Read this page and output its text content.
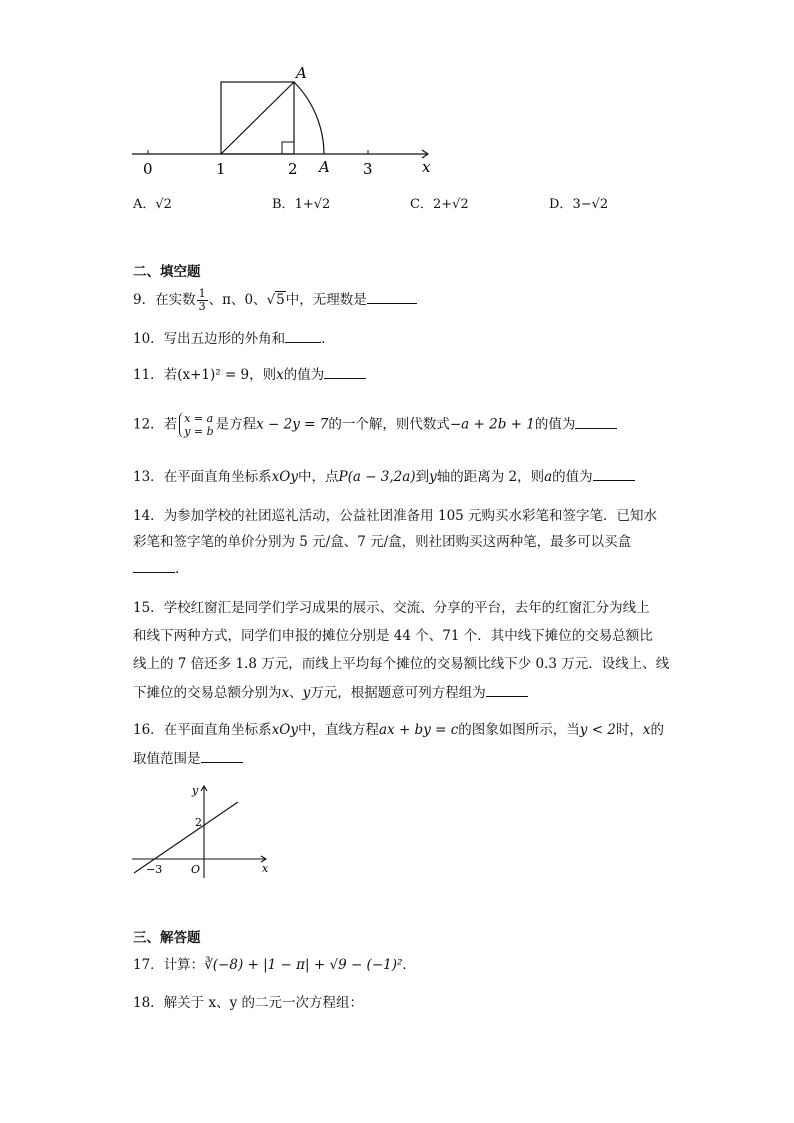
A
A	x
0	1	2	3
A．√2	B．1+√2	C．2+√2	D．3−√2
二、填空题
9．在实数 $\frac{1}{3}$ 、π、0、√5中，无理数是
10．写出五边形的外角和	．
11．若(x+1)² = 9，则x的值为
12．若 x = a
y = b 是方程x − 2y = 7的一个解，则代数式−a + 2b + 1的值为
13．在平面直角坐标系xOy中，点P(a − 3,2a)到y轴的距离为 2，则a的值为
14．为参加学校的社团巡礼活动，公益社团准备用 105 元购买水彩笔和签字笔．已知水
彩笔和签字笔的单价分别为 5 元/盒、7 元/盒，则社团购买这两种笔，最多可以买盒
．
15．学校红窗汇是同学们学习成果的展示、交流、分享的平台，去年的红窗汇分为线上
和线下两种方式，同学们申报的摊位分别是 44 个、71 个．其中线下摊位的交易总额比
线上的 7 倍还多 1.8 万元，而线上平均每个摊位的交易额比线下少 0.3 万元．设线上、线
下摊位的交易总额分别为x、y万元，根据题意可列方程组为
16．在平面直角坐标系xOy中，直线方程ax + by = c的图象如图所示，当y < 2时，x的
取值范围是
y
x
O
2
−3
三、解答题
17．计算：∛(−8) + |1 − π| + √9 − (−1)²．
18．解关于 x、y 的二元一次方程组：
